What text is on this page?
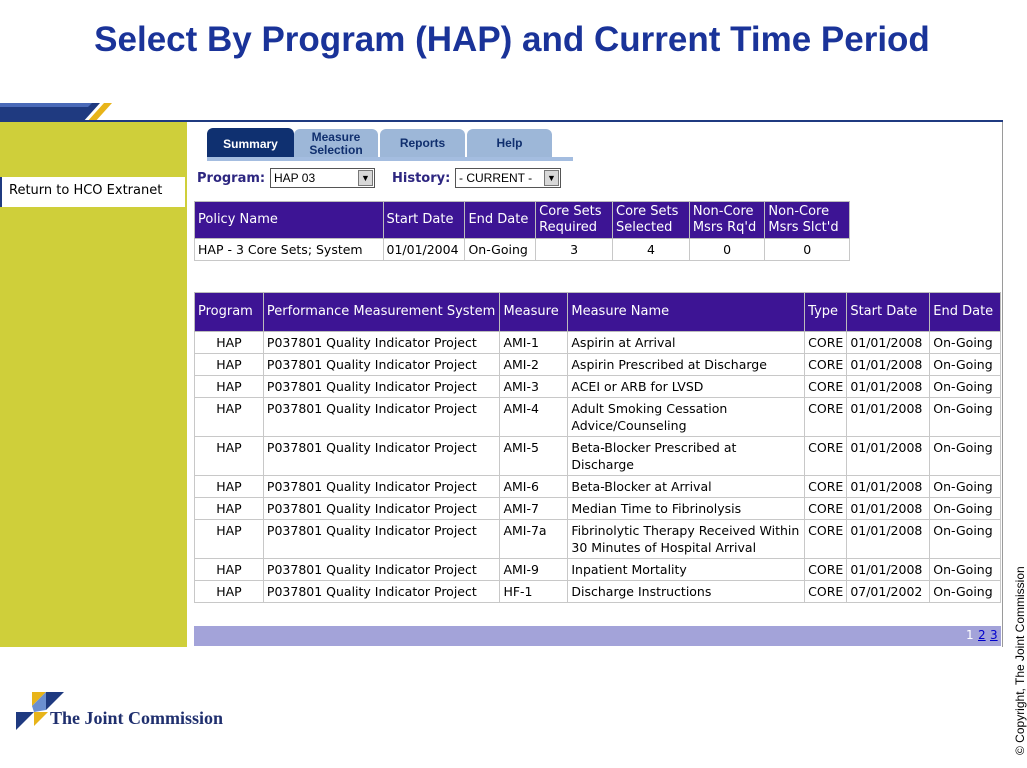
Select By Program (HAP) and Current Time Period
Return to HCO Extranet
Summary
Measure Selection	Reports	Help
Program: HAP 03	▼ History: - CURRENT -	▼
Policy Name	Start Date	End Date	Core Sets Required	Core Sets Selected	Non-Core Msrs Rq'd	Non-Core Msrs Slct'd
HAP - 3 Core Sets; System	01/01/2004	On-Going	3	4	0	0
Program	Performance Measurement System	Measure	Measure Name	Type	Start Date	End Date
HAP	P037801 Quality Indicator Project	AMI-1	Aspirin at Arrival	CORE	01/01/2008	On-Going
HAP	P037801 Quality Indicator Project	AMI-2	Aspirin Prescribed at Discharge	CORE	01/01/2008	On-Going
HAP	P037801 Quality Indicator Project	AMI-3	ACEI or ARB for LVSD	CORE	01/01/2008	On-Going
HAP	P037801 Quality Indicator Project	AMI-4	Adult Smoking Cessation Advice/Counseling	CORE	01/01/2008	On-Going
HAP	P037801 Quality Indicator Project	AMI-5	Beta-Blocker Prescribed at Discharge	CORE	01/01/2008	On-Going
HAP	P037801 Quality Indicator Project	AMI-6	Beta-Blocker at Arrival	CORE	01/01/2008	On-Going
HAP	P037801 Quality Indicator Project	AMI-7	Median Time to Fibrinolysis	CORE	01/01/2008	On-Going
HAP	P037801 Quality Indicator Project	AMI-7a	Fibrinolytic Therapy Received Within 30 Minutes of Hospital Arrival	CORE	01/01/2008	On-Going
HAP	P037801 Quality Indicator Project	AMI-9	Inpatient Mortality	CORE	01/01/2008	On-Going
HAP	P037801 Quality Indicator Project	HF-1	Discharge Instructions	CORE	07/01/2002	On-Going
1 2 3 © Copyright, The Joint Commission
The Joint Commission
